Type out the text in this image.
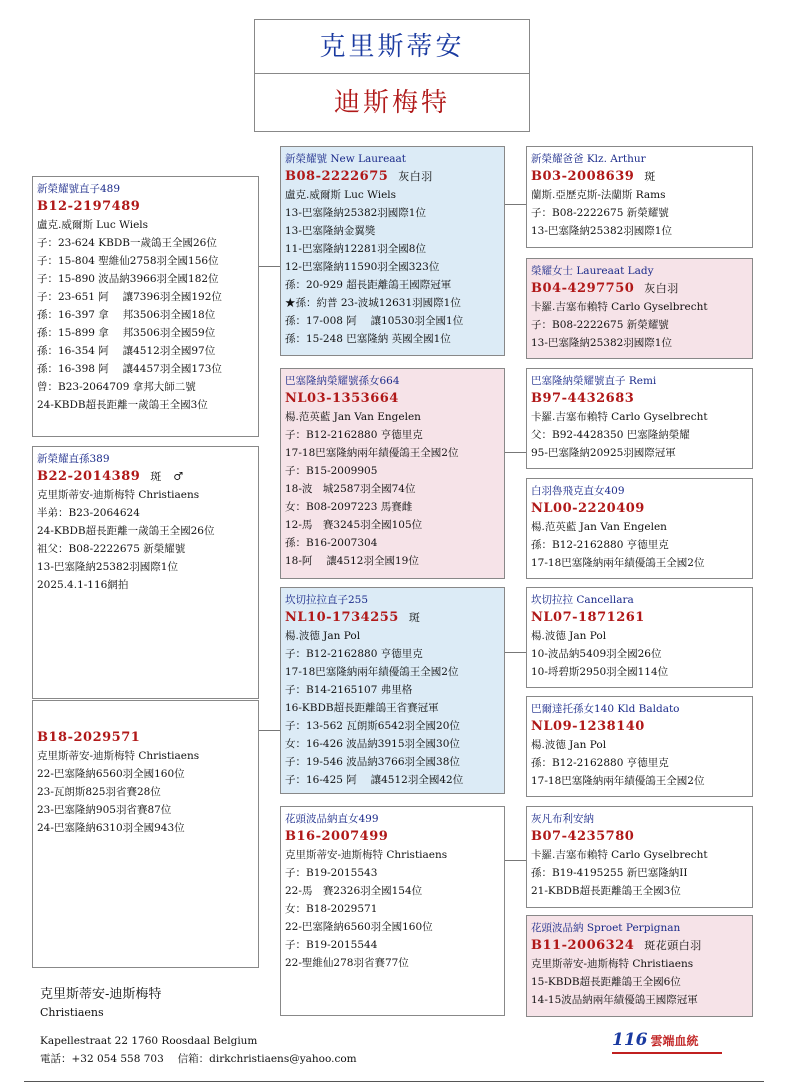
克里斯蒂安
迪斯梅特
新榮耀號直子489
B12-2197489
盧克.威爾斯 Luc Wiels
子：23-624 KBDB一歲鴿王全國26位
子：15-804 聖維仙2758羽全國156位
子：15-890 波品納3966羽全國182位
子：23-651 阿　 讓7396羽全國192位
孫：16-397 拿　 邦3506羽全國18位
孫：15-899 拿　 邦3506羽全國59位
孫：16-354 阿　 讓4512羽全國97位
孫：16-398 阿　 讓4457羽全國173位
曾：B23-2064709 拿邦大師二號
24-KBDB超長距離一歲鴿王全國3位
新榮耀直孫389
B22-2014389 斑　♂
克里斯蒂安-迪斯梅特 Christiaens
半弟：B23-2064624
24-KBDB超長距離一歲鴿王全國26位
祖父：B08-2222675 新榮耀號
13-巴塞隆納25382羽國際1位
2025.4.1-116網拍
B18-2029571
克里斯蒂安-迪斯梅特 Christiaens
22-巴塞隆納6560羽全國160位
23-瓦朗斯825羽省賽28位
23-巴塞隆納905羽省賽87位
24-巴塞隆納6310羽全國943位
新榮耀號 New Laureaat
B08-2222675 灰白羽
盧克.威爾斯 Luc Wiels
13-巴塞隆納25382羽國際1位
13-巴塞隆納金翼獎
11-巴塞隆納12281羽全國8位
12-巴塞隆納11590羽全國323位
孫：20-929 超長距離鴿王國際冠軍
★孫：約普 23-波城12631羽國際1位
孫：17-008 阿　 讓10530羽全國1位
孫：15-248 巴塞隆納 英國全國1位
巴塞隆納榮耀號孫女664
NL03-1353664
楊.范英藍 Jan Van Engelen
子：B12-2162880 亨德里克
17-18巴塞隆納兩年績優鴿王全國2位
子：B15-2009905
18-波　城2587羽全國74位
女：B08-2097223 馬賽雌
12-馬　賽3245羽全國105位
孫：B16-2007304
18-阿　 讓4512羽全國19位
坎切拉拉直子255
NL10-1734255 斑
楊.波德 Jan Pol
子：B12-2162880 亨德里克
17-18巴塞隆納兩年績優鴿王全國2位
子：B14-2165107 弗里格
16-KBDB超長距離鴿王省賽冠軍
子：13-562 瓦朗斯6542羽全國20位
女：16-426 波品納3915羽全國30位
子：19-546 波品納3766羽全國38位
子：16-425 阿　 讓4512羽全國42位
花頭波品納直女499
B16-2007499
克里斯蒂安-迪斯梅特 Christiaens
子：B19-2015543
22-馬　賽2326羽全國154位
女：B18-2029571
22-巴塞隆納6560羽全國160位
子：B19-2015544
22-聖維仙278羽省賽77位
新榮耀爸爸 Klz. Arthur
B03-2008639 斑
蘭斯.亞歷克斯-法蘭斯 Rams
子：B08-2222675 新榮耀號
13-巴塞隆納25382羽國際1位
榮耀女士 Laureaat Lady
B04-4297750 灰白羽
卡羅.吉塞布賴特 Carlo Gyselbrecht
子：B08-2222675 新榮耀號
13-巴塞隆納25382羽國際1位
巴塞隆納榮耀號直子 Remi
B97-4432683
卡羅.吉塞布賴特 Carlo Gyselbrecht
父：B92-4428350 巴塞隆納榮耀
95-巴塞隆納20925羽國際冠軍
白羽魯飛克直女409
NL00-2220409
楊.范英藍 Jan Van Engelen
孫：B12-2162880 亨德里克
17-18巴塞隆納兩年績優鴿王全國2位
坎切拉拉 Cancellara
NL07-1871261
楊.波德 Jan Pol
10-波品納5409羽全國26位
10-埒碧斯2950羽全國114位
巴爾達托孫女140 Kld Baldato
NL09-1238140
楊.波德 Jan Pol
孫：B12-2162880 亨德里克
17-18巴塞隆納兩年績優鴿王全國2位
灰凡布利安納
B07-4235780
卡羅.吉塞布賴特 Carlo Gyselbrecht
孫：B19-4195255 新巴塞隆納II
21-KBDB超長距離鴿王全國3位
花頭波品納 Sproet Perpignan
B11-2006324 斑花頭白羽
克里斯蒂安-迪斯梅特 Christiaens
15-KBDB超長距離鴿王全國6位
14-15波品納兩年績優鴿王國際冠軍
克里斯蒂安-迪斯梅特
Christiaens
Kapellestraat 22 1760 Roosdaal Belgium
電話：+32 054 558 703　 信箱：dirkchristiaens@yahoo.com
116 雲端血統
